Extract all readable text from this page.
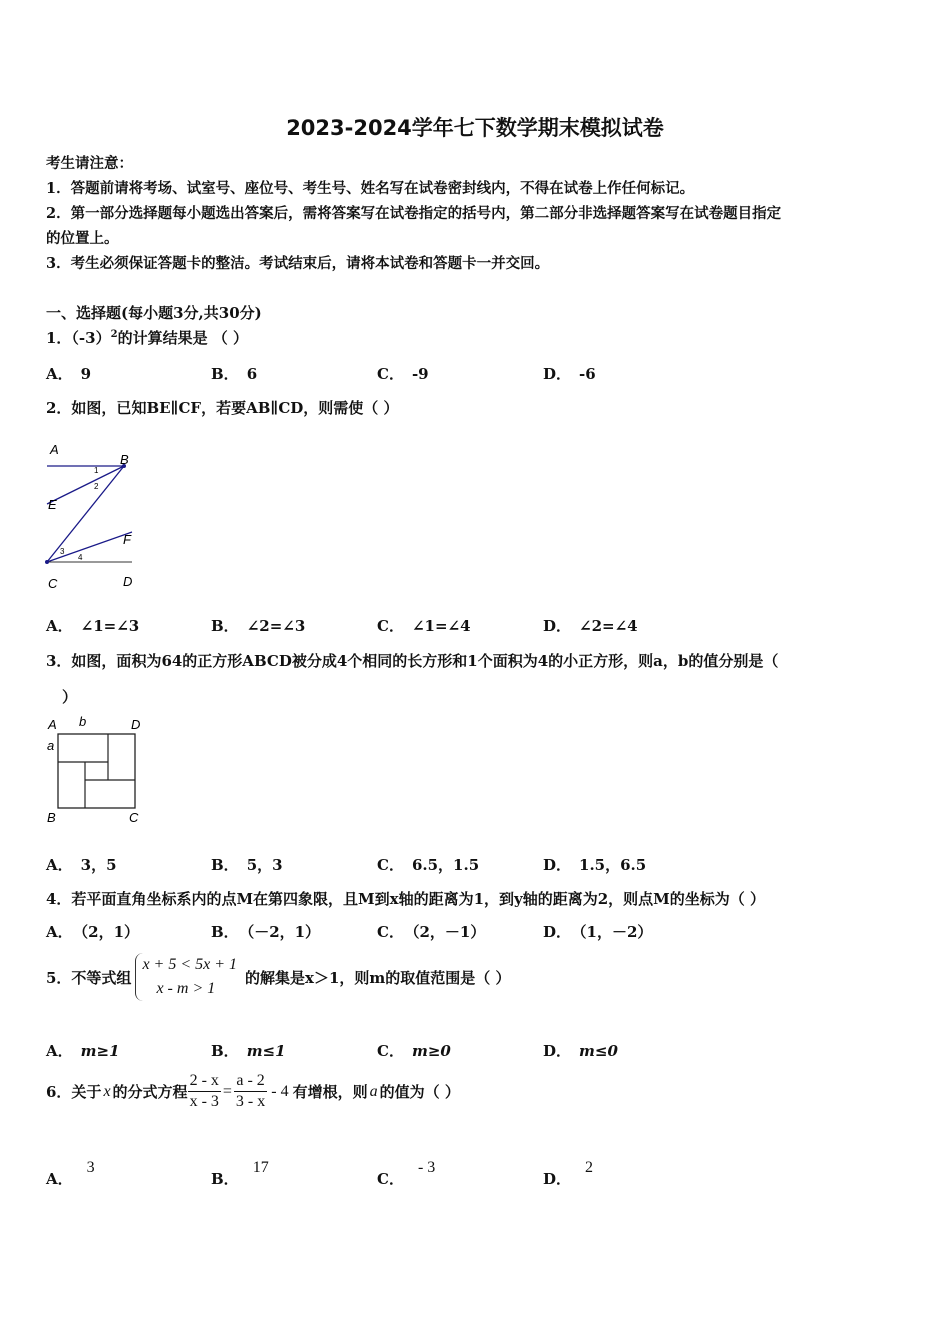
2023-2024学年七下数学期末模拟试卷
考生请注意：
1．答题前请将考场、试室号、座位号、考生号、姓名写在试卷密封线内，不得在试卷上作任何标记。
2．第一部分选择题每小题选出答案后，需将答案写在试卷指定的括号内，第二部分非选择题答案写在试卷题目指定
的位置上。
3．考生必须保证答题卡的整洁。考试结束后，请将本试卷和答题卡一并交回。
一、选择题(每小题3分,共30分)
1．$(-3)^2$的计算结果是 （ ）
A． 9	B． 6	C． -9	D． -6
2．如图，已知BE∥CF，若要AB∥CD，则需使（ ）
A
B
E
F
C	D
1
2
3
4
A． ∠1=∠3	B． ∠2=∠3	C． ∠1=∠4	D． ∠2=∠4
3．如图，面积为64的正方形ABCD被分成4个相同的长方形和1个面积为4的小正方形，则a，b的值分别是（
）
A b	D
a
B	C
A． 3，5	B． 5，3	C． 6.5，1.5	D． 1.5，6.5
4．若平面直角坐标系内的点M在第四象限，且M到x轴的距离为1，到y轴的距离为2，则点M的坐标为（ ）
A． （2，1）	B． （－2，1）	C． （2，－1）	D． （1，－2）
5．不等式组
x + 5 < 5x + 1
x - m > 1
的解集是x＞1，则m的取值范围是（ ）
A． m≥1	B． m≤1	C． m≥0	D． m≤0
6．关于 x 的分式方程 $\frac{2 - x}{x - 3} = \frac{a - 2}{3 - x} - 4$ 有增根，则 a 的值为（ ）
A．3
B．17
C．- 3
D．2
